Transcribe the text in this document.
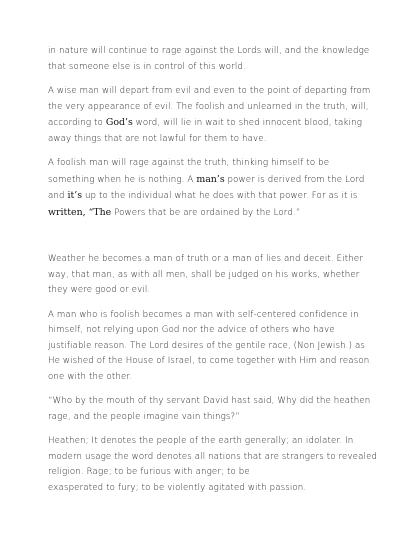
in nature will continue to rage against the Lords will, and the knowledge
that someone else is in control of this world.

A wise man will depart from evil and even to the point of departing from
the very appearance of evil. The foolish and unlearned in the truth, will,
according to God’s word, will lie in wait to shed innocent blood, taking
away things that are not lawful for them to have.

A foolish man will rage against the truth, thinking himself to be
something when he is nothing. A man’s power is derived from the Lord
and it’s up to the individual what he does with that power. For as it is
written, “The Powers that be are ordained by the Lord.”

Weather he becomes a man of truth or a man of lies and deceit. Either
way, that man, as with all men, shall be judged on his works, whether
they were good or evil.

A man who is foolish becomes a man with self-centered confidence in
himself, not relying upon God nor the advice of others who have
justifiable reason. The Lord desires of the gentile race, (Non Jewish.) as
He wished of the House of Israel, to come together with Him and reason
one with the other.

“Who by the mouth of thy servant David hast said, Why did the heathen
rage, and the people imagine vain things?”

Heathen; It denotes the people of the earth generally; an idolater. In
modern usage the word denotes all nations that are strangers to revealed
religion. Rage; to be furious with anger; to be
exasperated to fury; to be violently agitated with passion.
